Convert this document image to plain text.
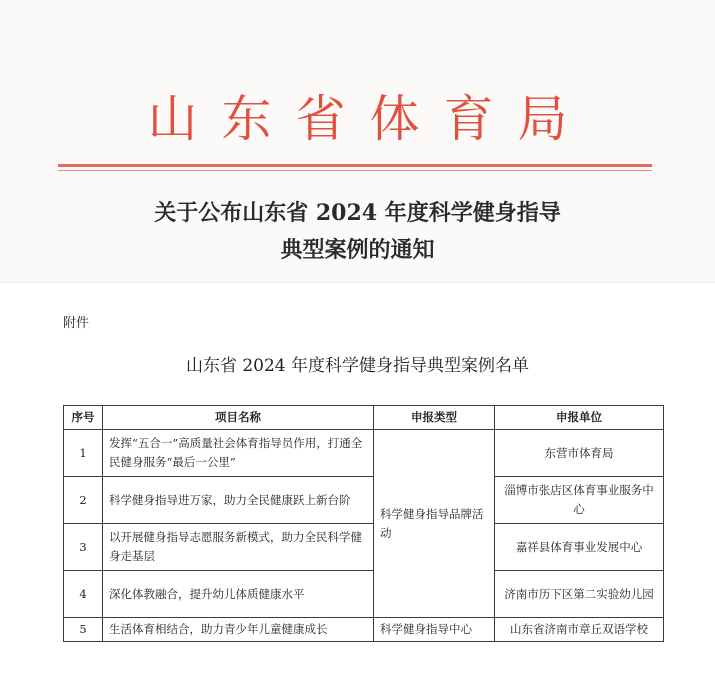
山东省体育局
关于公布山东省 2024 年度科学健身指导
典型案例的通知
附件
山东省 2024 年度科学健身指导典型案例名单
序号	项目名称	申报类型	申报单位
1	发挥“五合一”高质量社会体育指导员作用，打通全民健身服务“最后一公里”	科学健身指导品牌活动	东营市体育局
2	科学健身指导进万家，助力全民健康跃上新台阶		淄博市张店区体育事业服务中心
3	以开展健身指导志愿服务新模式，助力全民科学健身走基层		嘉祥县体育事业发展中心
4	深化体教融合，提升幼儿体质健康水平		济南市历下区第二实验幼儿园
5	生活体育相结合，助力青少年儿童健康成长	科学健身指导中心	山东省济南市章丘双语学校
